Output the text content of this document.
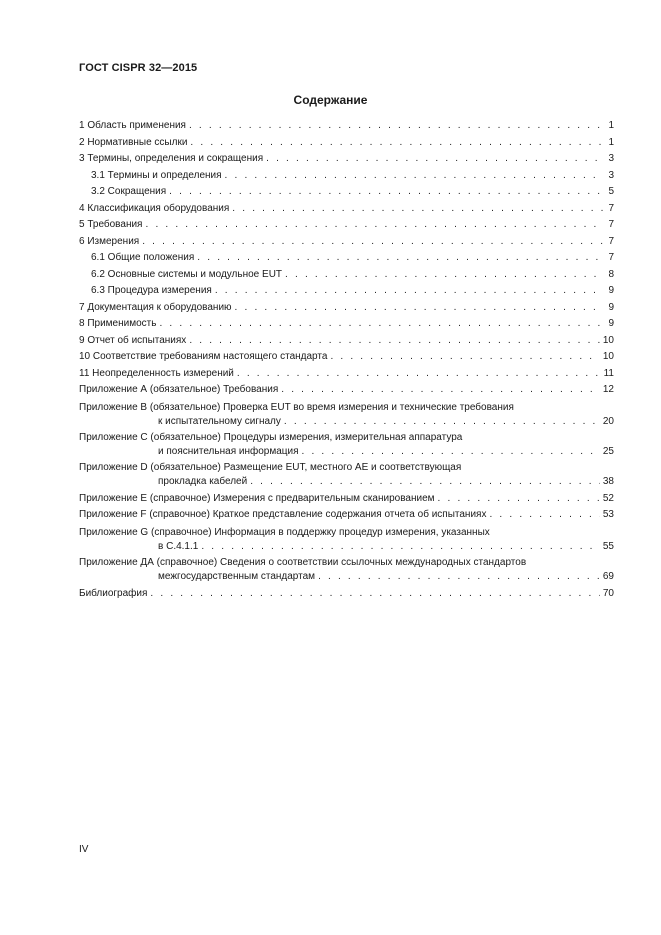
ГОСТ CISPR 32—2015
Содержание
1 Область применения . . .	1
2 Нормативные ссылки . . .	1
3 Термины, определения и сокращения . . .	3
3.1 Термины и определения . . .	3
3.2 Сокращения . . .	5
4 Классификация оборудования . . .	7
5 Требования . . .	7
6 Измерения . . .	7
6.1 Общие положения . . .	7
6.2 Основные системы и модульное EUT . . .	8
6.3 Процедура измерения . . .	9
7 Документация к оборудованию . . .	9
8 Применимость . . .	9
9 Отчет об испытаниях . . .	10
10 Соответствие требованиям настоящего стандарта . . .	10
11 Неопределенность измерений . . .	11
Приложение А (обязательное) Требования . . .	12
Приложение В (обязательное) Проверка EUT во время измерения и технические требования
к испытательному сигналу . . .	20
Приложение С (обязательное) Процедуры измерения, измерительная аппаратура
и пояснительная информация . . .	25
Приложение D (обязательное) Размещение EUT, местного АЕ и соответствующая
прокладка кабелей . . .	38
Приложение Е (справочное) Измерения с предварительным сканированием . . .	52
Приложение F (справочное) Краткое представление содержания отчета об испытаниях . . .	53
Приложение G (справочное) Информация в поддержку процедур измерения, указанных
в С.4.1.1 . . .	55
Приложение ДА (справочное) Сведения о соответствии ссылочных международных стандартов
межгосударственным стандартам . . .	69
Библиография . . .	70
IV
